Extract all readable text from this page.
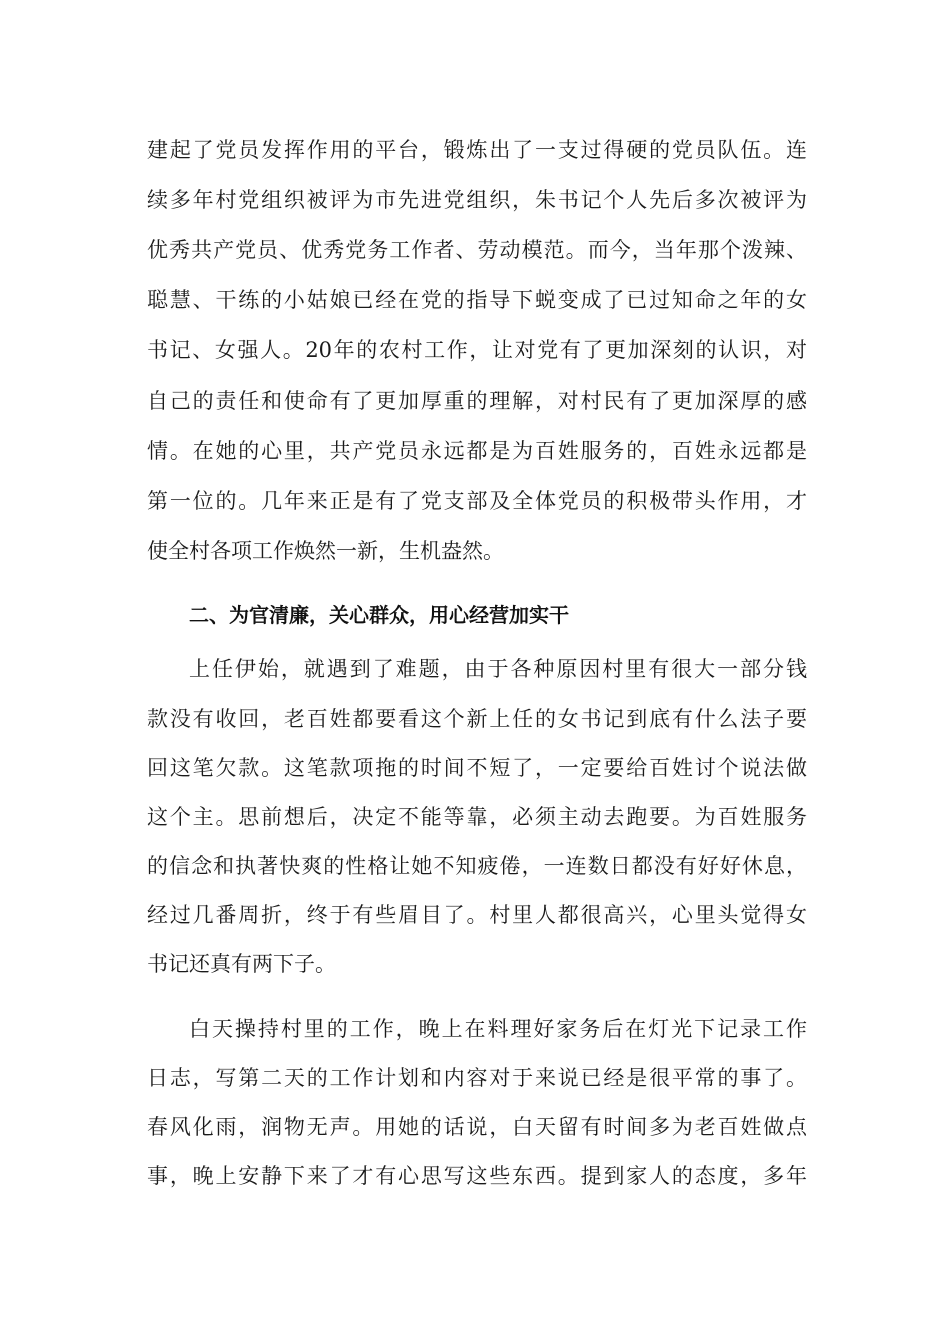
建起了党员发挥作用的平台，锻炼出了一支过得硬的党员队伍。连
续多年村党组织被评为市先进党组织，朱书记个人先后多次被评为
优秀共产党员、优秀党务工作者、劳动模范。而今，当年那个泼辣、
聪慧、干练的小姑娘已经在党的指导下蜕变成了已过知命之年的女
书记、女强人。20年的农村工作，让对党有了更加深刻的认识，对
自己的责任和使命有了更加厚重的理解，对村民有了更加深厚的感
情。在她的心里，共产党员永远都是为百姓服务的，百姓永远都是
第一位的。几年来正是有了党支部及全体党员的积极带头作用，才
使全村各项工作焕然一新，生机盎然。
二、为官清廉，关心群众，用心经营加实干
上任伊始，就遇到了难题，由于各种原因村里有很大一部分钱
款没有收回，老百姓都要看这个新上任的女书记到底有什么法子要
回这笔欠款。这笔款项拖的时间不短了，一定要给百姓讨个说法做
这个主。思前想后，决定不能等靠，必须主动去跑要。为百姓服务
的信念和执著快爽的性格让她不知疲倦，一连数日都没有好好休息，
经过几番周折，终于有些眉目了。村里人都很高兴，心里头觉得女
书记还真有两下子。
白天操持村里的工作，晚上在料理好家务后在灯光下记录工作
日志，写第二天的工作计划和内容对于来说已经是很平常的事了。
春风化雨，润物无声。用她的话说，白天留有时间多为老百姓做点
事，晚上安静下来了才有心思写这些东西。提到家人的态度，多年
